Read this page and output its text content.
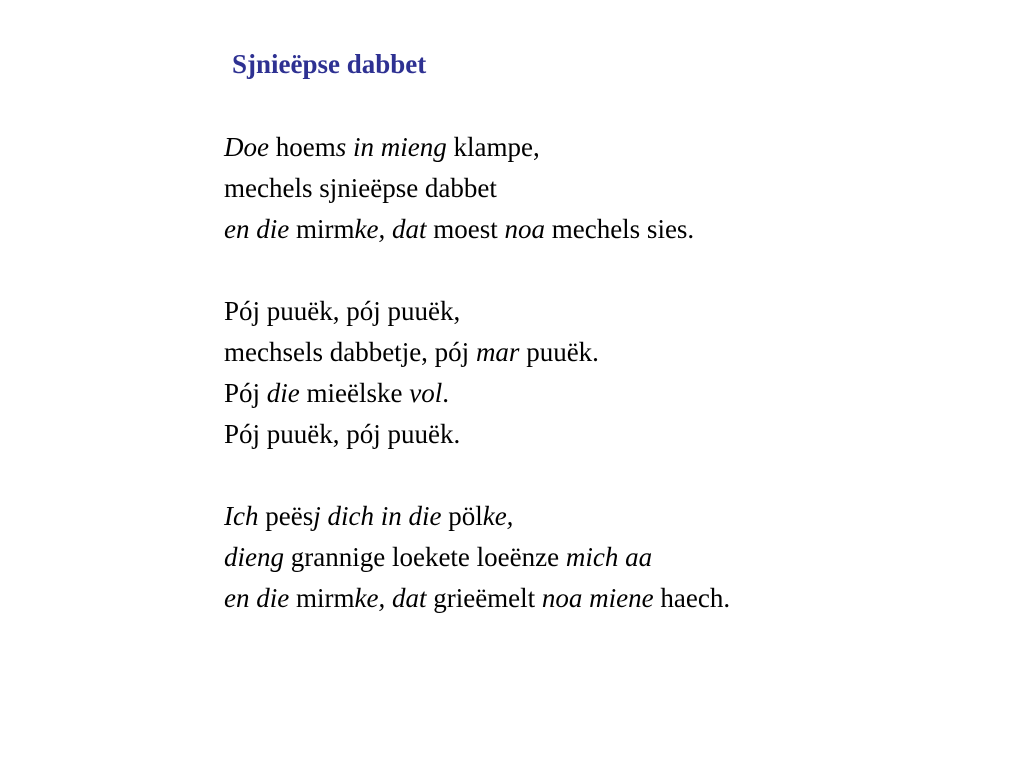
Sjnieëpse dabbet
Doe hoems in mieng klampe,
mechels sjnieëpse dabbet
en die mirmke, dat moest noa mechels sies.
Pój puuëk, pój puuëk,
mechsels dabbetje, pój mar puuëk.
Pój die mieëlske vol.
Pój puuëk, pój puuëk.
Ich peësj dich in die pölke,
dieng grannige loekete loeënze mich aa
en die mirmke, dat grieëmelt noa miene haech.
